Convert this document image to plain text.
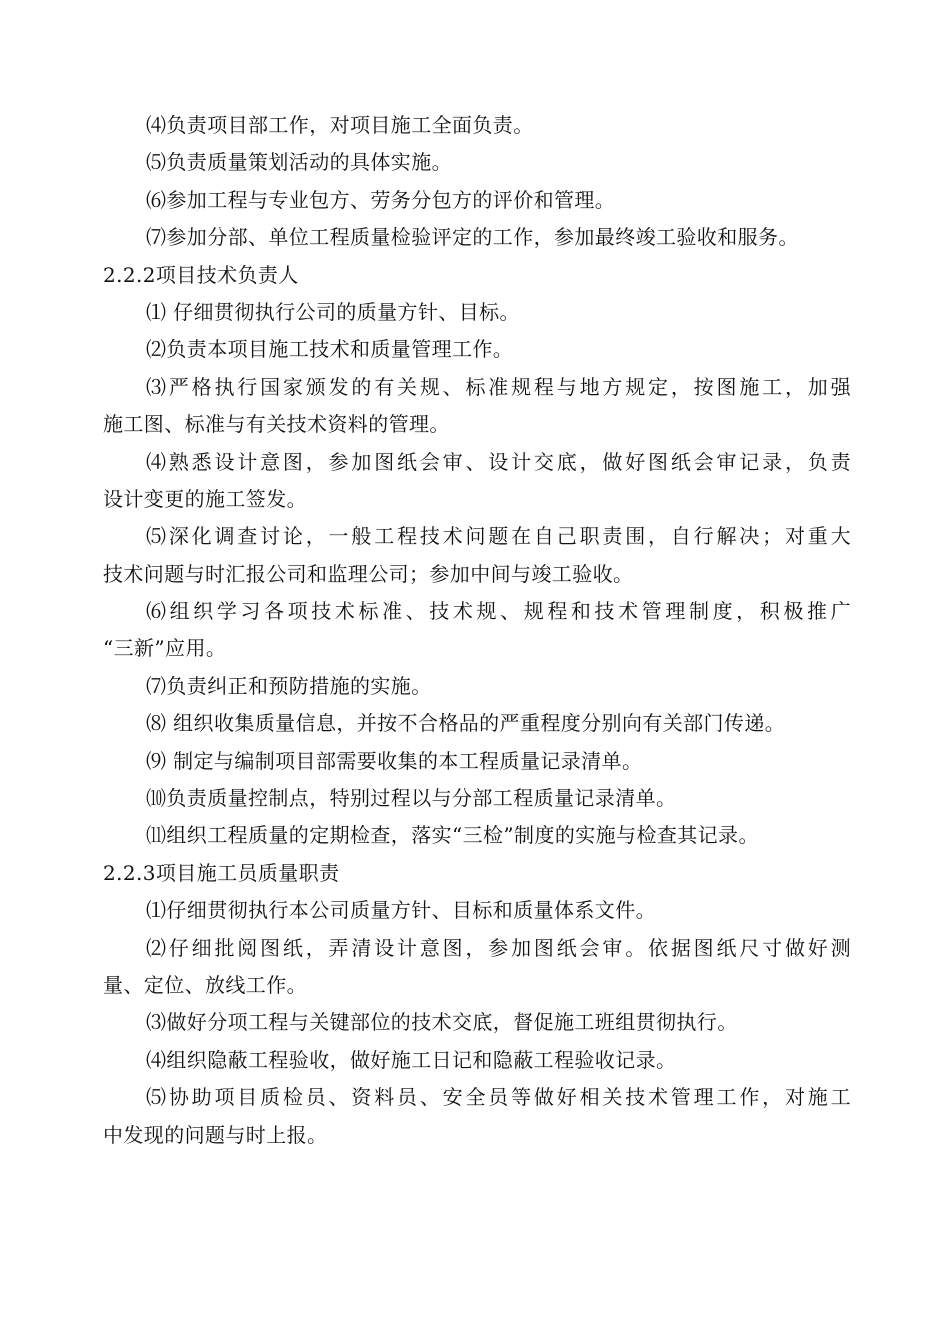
⑷负责项目部工作，对项目施工全面负责。
⑸负责质量策划活动的具体实施。
⑹参加工程与专业包方、劳务分包方的评价和管理。
⑺参加分部、单位工程质量检验评定的工作，参加最终竣工验收和服务。
2.2.2项目技术负责人
⑴ 仔细贯彻执行公司的质量方针、目标。
⑵负责本项目施工技术和质量管理工作。
⑶严格执行国家颁发的有关规、标准规程与地方规定，按图施工，加强
施工图、标准与有关技术资料的管理。
⑷熟悉设计意图，参加图纸会审、设计交底，做好图纸会审记录，负责
设计变更的施工签发。
⑸深化调查讨论，一般工程技术问题在自己职责围，自行解决；对重大
技术问题与时汇报公司和监理公司；参加中间与竣工验收。
⑹组织学习各项技术标准、技术规、规程和技术管理制度，积极推广
“三新”应用。
⑺负责纠正和预防措施的实施。
⑻ 组织收集质量信息，并按不合格品的严重程度分别向有关部门传递。
⑼ 制定与编制项目部需要收集的本工程质量记录清单。
⑽负责质量控制点，特别过程以与分部工程质量记录清单。
⑾组织工程质量的定期检查，落实“三检”制度的实施与检查其记录。
2.2.3项目施工员质量职责
⑴仔细贯彻执行本公司质量方针、目标和质量体系文件。
⑵仔细批阅图纸，弄清设计意图，参加图纸会审。依据图纸尺寸做好测
量、定位、放线工作。
⑶做好分项工程与关键部位的技术交底，督促施工班组贯彻执行。
⑷组织隐蔽工程验收，做好施工日记和隐蔽工程验收记录。
⑸协助项目质检员、资料员、安全员等做好相关技术管理工作，对施工
中发现的问题与时上报。
